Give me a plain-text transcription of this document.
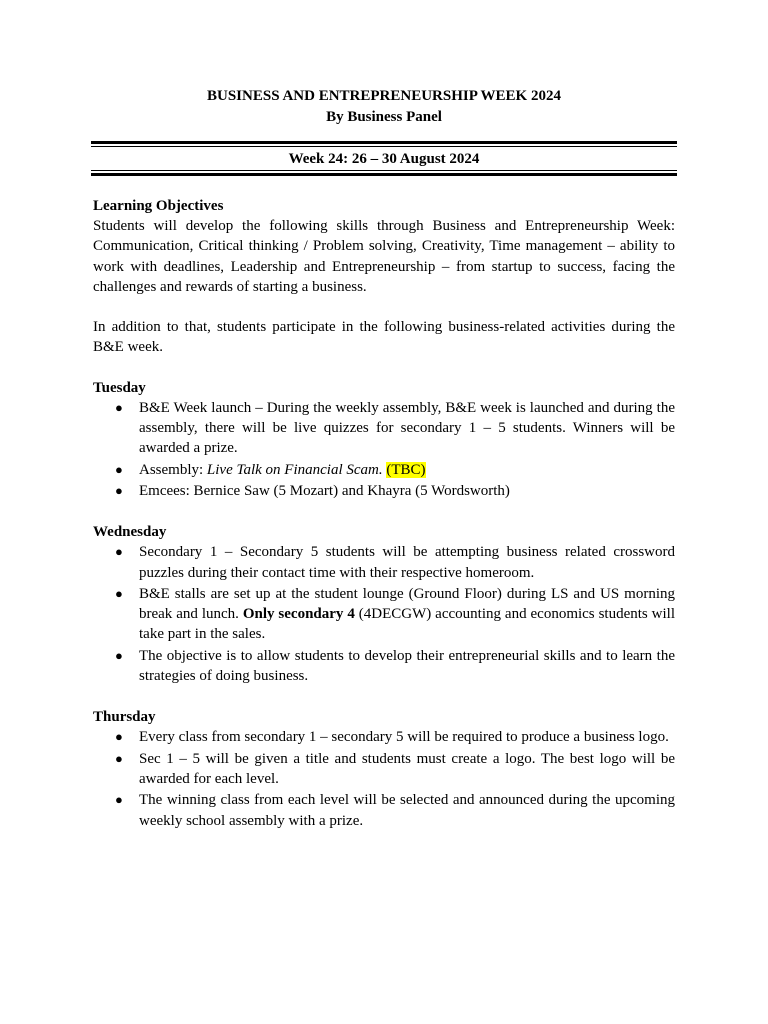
BUSINESS AND ENTREPRENEURSHIP WEEK 2024
By Business Panel
Week 24: 26 – 30 August 2024
Learning Objectives

Students will develop the following skills through Business and Entrepreneurship Week: Communication, Critical thinking / Problem solving, Creativity, Time management – ability to work with deadlines, Leadership and Entrepreneurship – from startup to success, facing the challenges and rewards of starting a business.

In addition to that, students participate in the following business-related activities during the B&E week.

Tuesday
● B&E Week launch – During the weekly assembly, B&E week is launched and during the assembly, there will be live quizzes for secondary 1 – 5 students. Winners will be awarded a prize.
● Assembly: Live Talk on Financial Scam. (TBC)
● Emcees: Bernice Saw (5 Mozart) and Khayra (5 Wordsworth)
Wednesday
● Secondary 1 – Secondary 5 students will be attempting business related crossword puzzles during their contact time with their respective homeroom.
● B&E stalls are set up at the student lounge (Ground Floor) during LS and US morning break and lunch. Only secondary 4 (4DECGW) accounting and economics students will take part in the sales.
● The objective is to allow students to develop their entrepreneurial skills and to learn the strategies of doing business.
Thursday
● Every class from secondary 1 – secondary 5 will be required to produce a business logo.
● Sec 1 – 5 will be given a title and students must create a logo. The best logo will be awarded for each level.
● The winning class from each level will be selected and announced during the upcoming weekly school assembly with a prize.
